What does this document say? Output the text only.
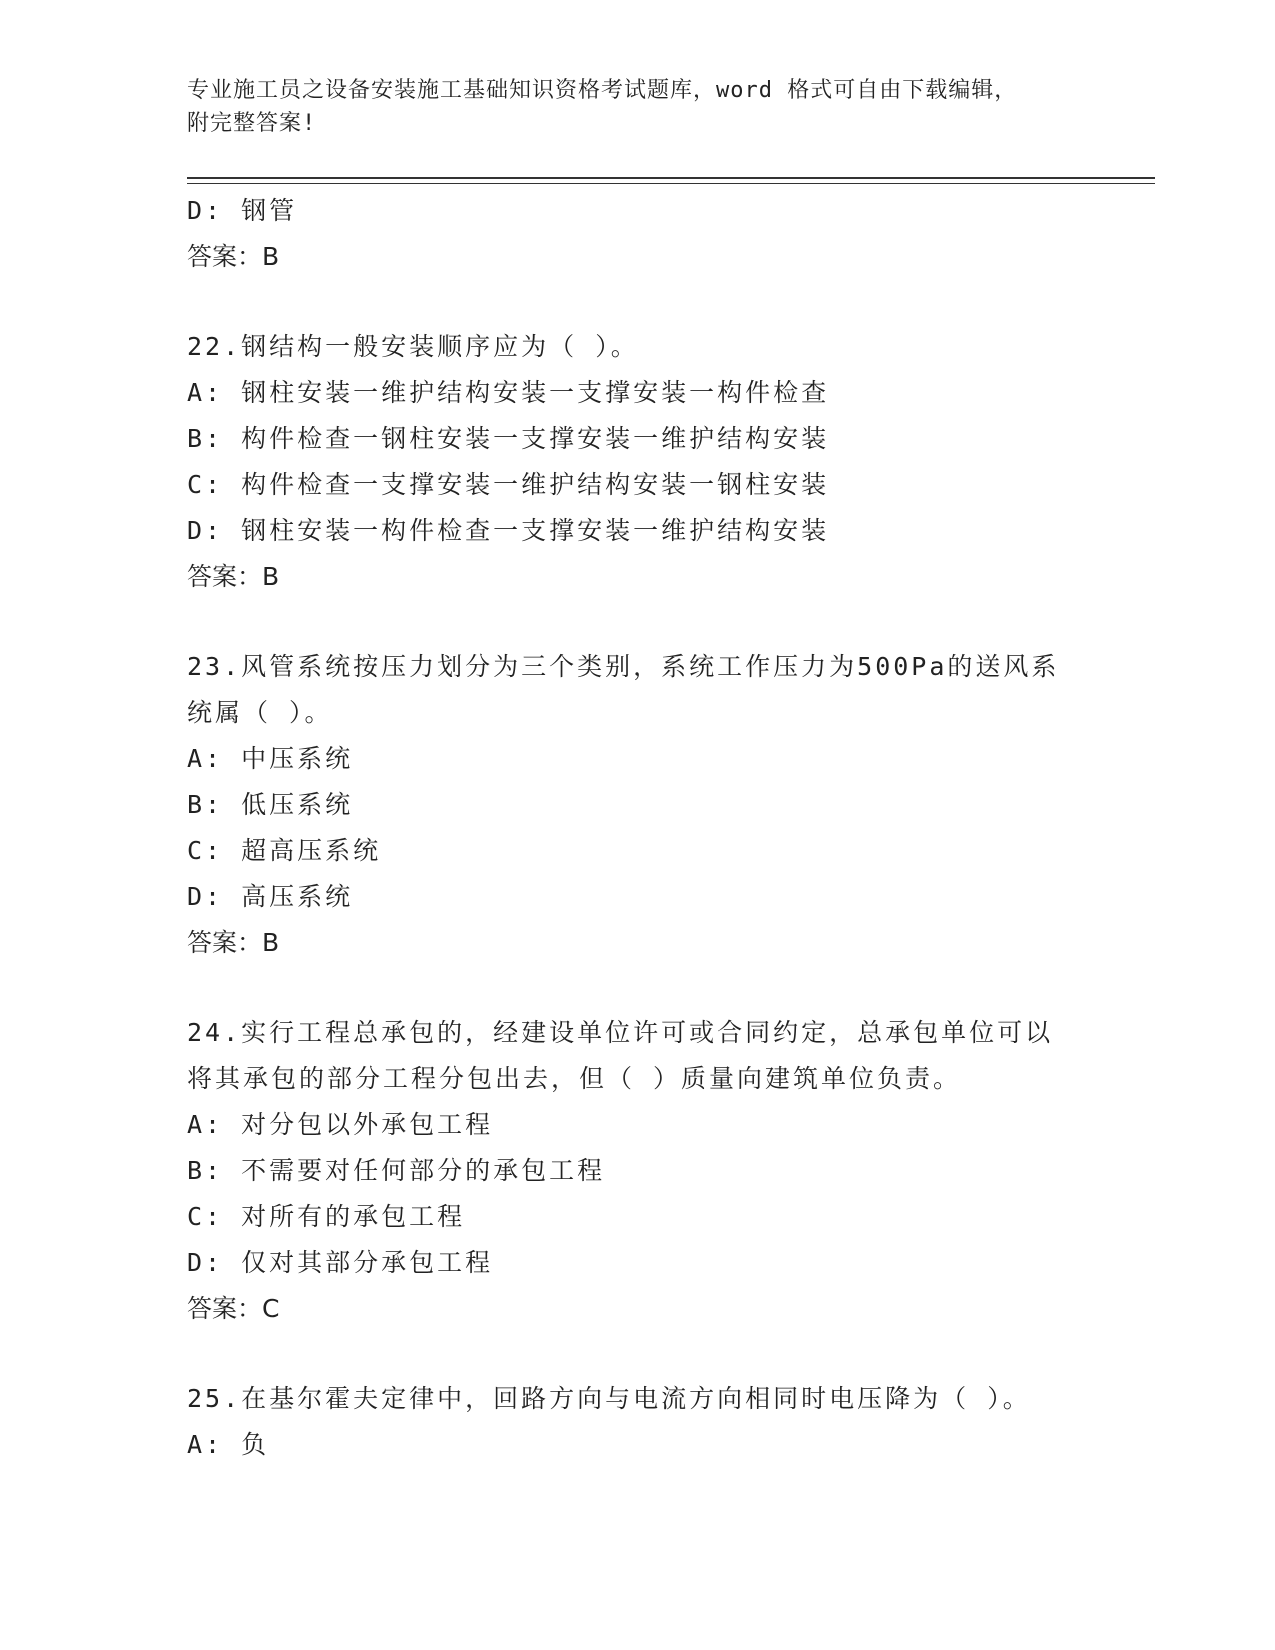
专业施工员之设备安装施工基础知识资格考试题库，word 格式可自由下载编辑，
附完整答案!
D: 钢管
答案：B
22.钢结构一般安装顺序应为（ ）。
A: 钢柱安装一维护结构安装一支撑安装一构件检查
B: 构件检查一钢柱安装一支撑安装一维护结构安装
C: 构件检查一支撑安装一维护结构安装一钢柱安装
D: 钢柱安装一构件检查一支撑安装一维护结构安装
答案：B
23.风管系统按压力划分为三个类别，系统工作压力为500Pa的送风系
统属（ ）。
A: 中压系统
B: 低压系统
C: 超高压系统
D: 高压系统
答案：B
24.实行工程总承包的，经建设单位许可或合同约定，总承包单位可以
将其承包的部分工程分包出去，但（ ）质量向建筑单位负责。
A: 对分包以外承包工程
B: 不需要对任何部分的承包工程
C: 对所有的承包工程
D: 仅对其部分承包工程
答案：C
25.在基尔霍夫定律中，回路方向与电流方向相同时电压降为（ ）。
A: 负
